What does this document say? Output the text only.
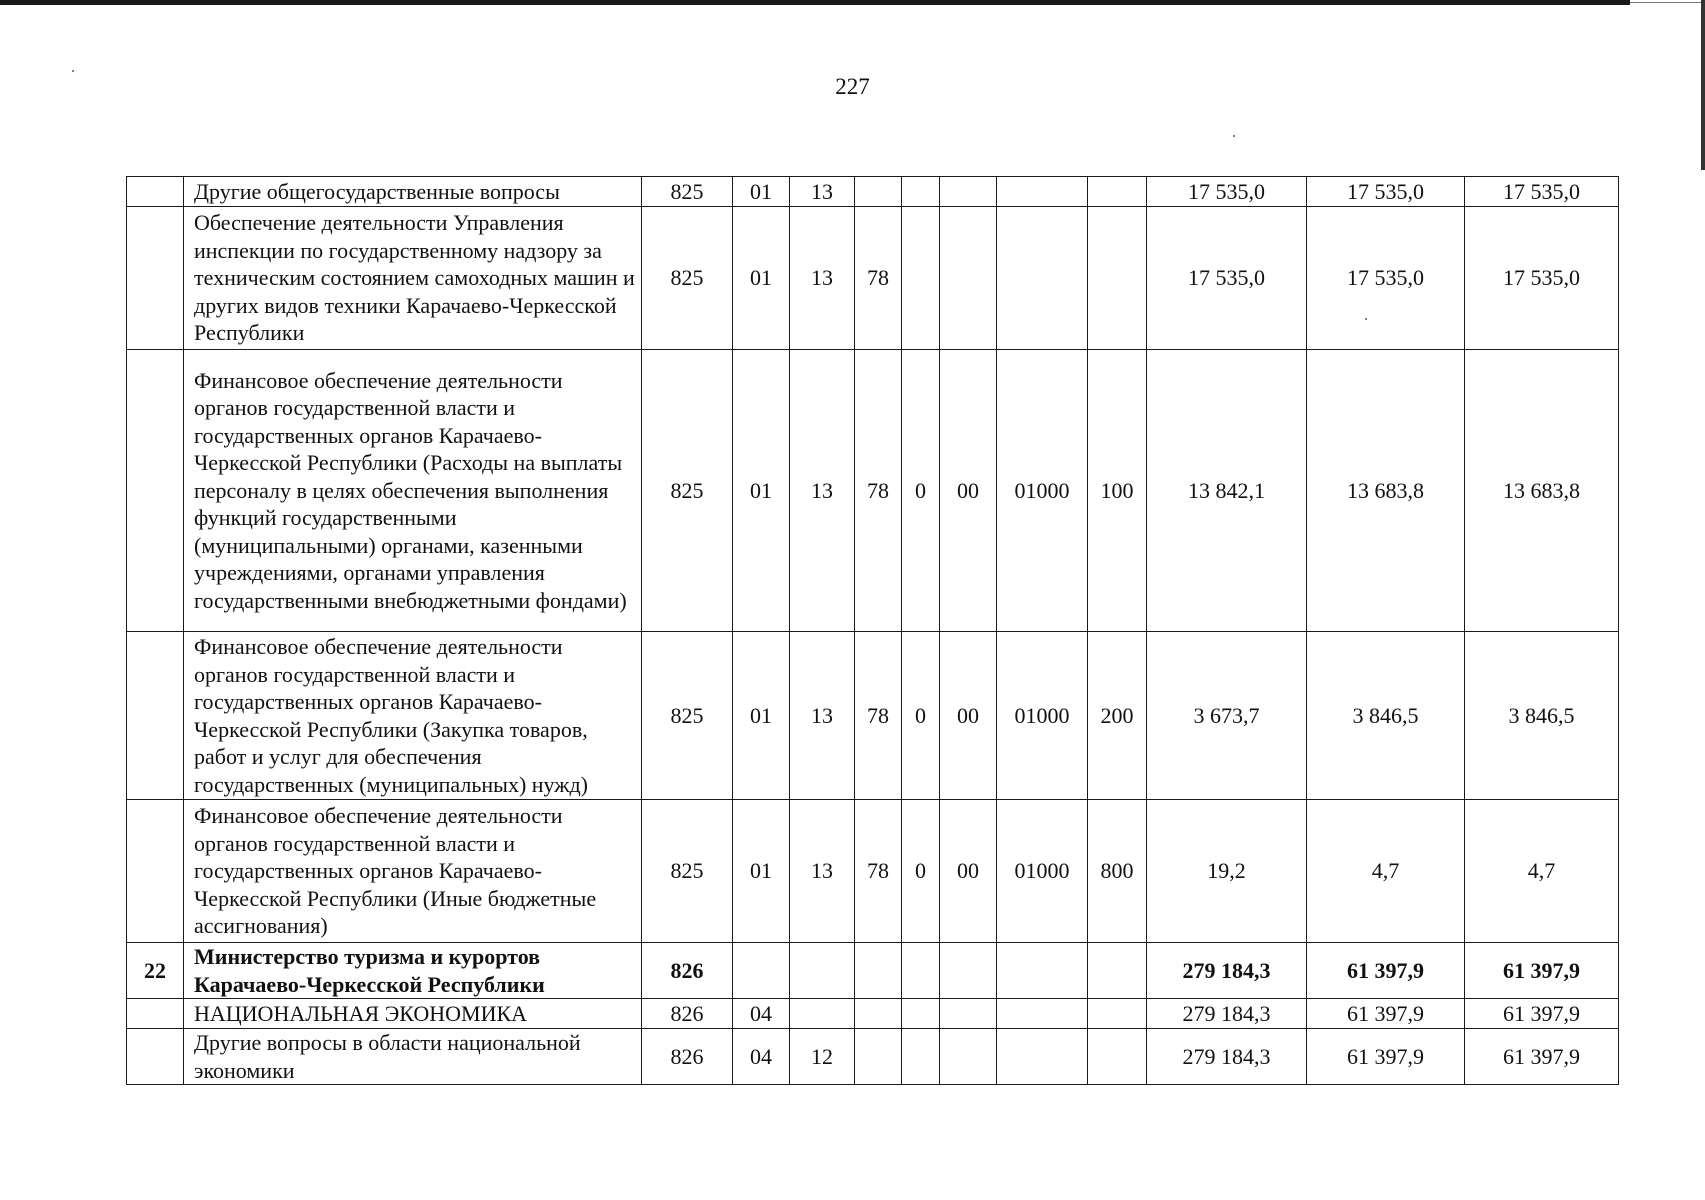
227
	Другие общегосударственные вопросы	825	01	13						17 535,0	17 535,0	17 535,0
	Обеспечение деятельности Управления инспекции по государственному надзору за техническим состоянием самоходных машин и других видов техники Карачаево-Черкесской Республики	825	01	13	78					17 535,0	17 535,0	17 535,0
	Финансовое обеспечение деятельности органов государственной власти и государственных органов Карачаево-Черкесской Республики (Расходы на выплаты персоналу в целях обеспечения выполнения функций государственными (муниципальными) органами, казенными учреждениями, органами управления государственными внебюджетными фондами)	825	01	13	78	0	00	01000	100	13 842,1	13 683,8	13 683,8
	Финансовое обеспечение деятельности органов государственной власти и государственных органов Карачаево-Черкесской Республики (Закупка товаров, работ и услуг для обеспечения государственных (муниципальных) нужд)	825	01	13	78	0	00	01000	200	3 673,7	3 846,5	3 846,5
	Финансовое обеспечение деятельности органов государственной власти и государственных органов Карачаево-Черкесской Республики (Иные бюджетные ассигнования)	825	01	13	78	0	00	01000	800	19,2	4,7	4,7
22	Министерство туризма и курортов Карачаево-Черкесской Республики	826								279 184,3	61 397,9	61 397,9
	НАЦИОНАЛЬНАЯ ЭКОНОМИКА	826	04							279 184,3	61 397,9	61 397,9
	Другие вопросы в области национальной экономики	826	04	12						279 184,3	61 397,9	61 397,9
